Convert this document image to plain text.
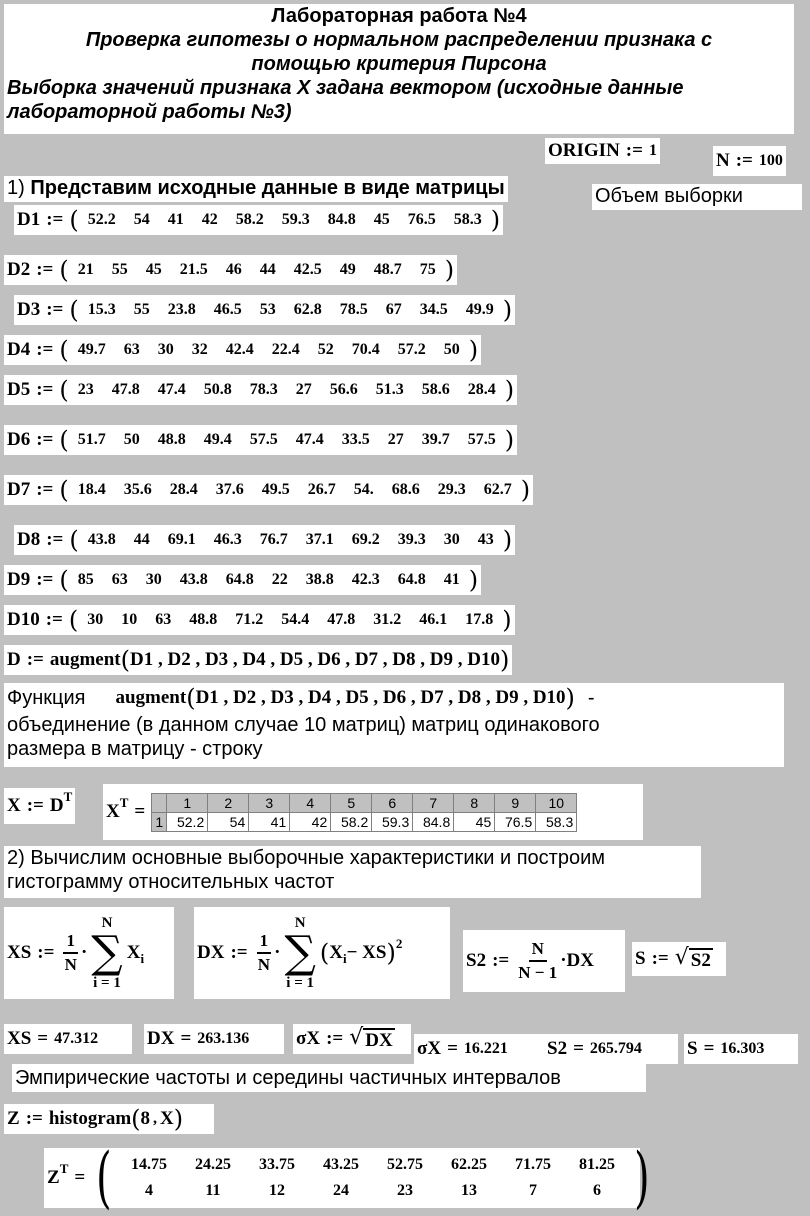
Лабораторная работа №4
Проверка гипотезы о нормальном распределении признака с
помощью критерия Пирсона
Выборка значений признака X задана вектором (исходные данные
лабораторной работы №3)
ORIGIN := 1	N := 100
1) Представим исходные данные в виде матрицы	Объем выборки
D1 := ( 52.2	54	41	42	58.2	59.3	84.8	45	76.5	58.3 )
D2 := ( 21	55	45	21.5	46	44	42.5	49	48.7	75 )
D3 := ( 15.3	55	23.8	46.5	53	62.8	78.5	67	34.5	49.9 )
D4 := ( 49.7	63	30	32	42.4	22.4	52	70.4	57.2	50 )
D5 := ( 23	47.8	47.4	50.8	78.3	27	56.6	51.3	58.6	28.4 )
D6 := ( 51.7	50	48.8	49.4	57.5	47.4	33.5	27	39.7	57.5 )
D7 := ( 18.4	35.6	28.4	37.6	49.5	26.7	54.	68.6	29.3	62.7 )
D8 := ( 43.8	44	69.1	46.3	76.7	37.1	69.2	39.3	30	43 )
D9 := ( 85	63	30	43.8	64.8	22	38.8	42.3	64.8	41 )
D10 := ( 30	10	63	48.8	71.2	54.4	47.8	31.2	46.1	17.8 )
D := augment ( D1 , D2 , D3 , D4 , D5 , D6 , D7 , D8 , D9 , D10 )
Функция augment ( D1 , D2 , D3 , D4 , D5 , D6 , D7 , D8 , D9 , D10 ) -
объединение (в данном случае 10 матриц) матриц одинакового
размера в матрицу - строку
X := D T
X T =
		1	2	3	4	5	6	7	8	9	10
1	52.2	54	41	42	58.2	59.3	84.8	45	76.5	58.3
2) Вычислим основные выборочные характеристики и построим
гистограмму относительных частот
XS := $\frac{1}{N}$ ·
N
∑
i = 1
X i	DX := $\frac{1}{N}$ ·
N
∑
i = 1
( X i − XS ) 2
S2 := $\frac{N}{N - 1}$ · DX S := √ S2
XS = 47.312	DX = 263.136 σX := √ DX σX = 16.221 S2 = 265.794 S = 16.303
Эмпирические частоты и середины частичных интервалов
Z := histogram ( 8 , X )
Z T = (	14.75	24.25	33.75	43.25	52.75	62.25	71.75	81.25
4	11	12	24	23	13	7	6 )
